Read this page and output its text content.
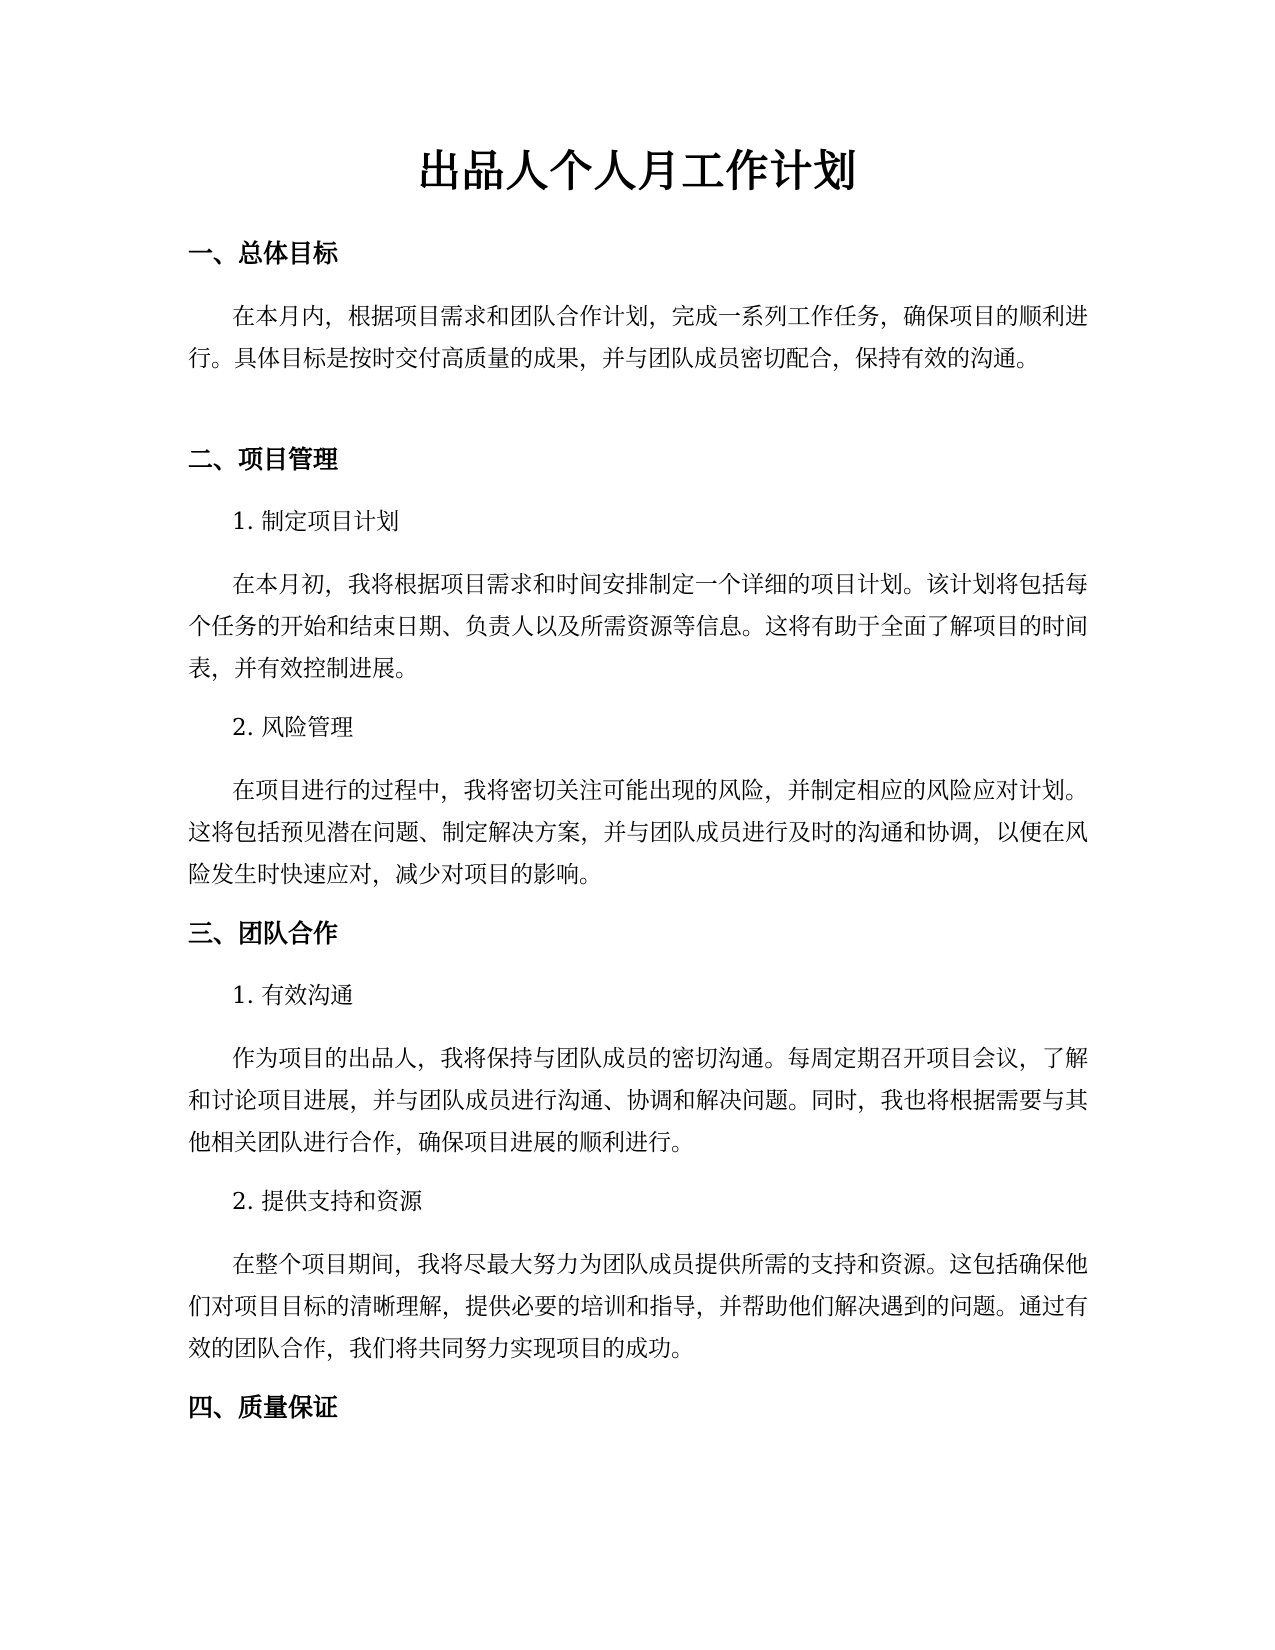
出品人个人月工作计划
一、总体目标

在本月内，根据项目需求和团队合作计划，完成一系列工作任务，确保项目的顺利进行。具体目标是按时交付高质量的成果，并与团队成员密切配合，保持有效的沟通。

二、项目管理

1. 制定项目计划

在本月初，我将根据项目需求和时间安排制定一个详细的项目计划。该计划将包括每个任务的开始和结束日期、负责人以及所需资源等信息。这将有助于全面了解项目的时间表，并有效控制进展。

2. 风险管理

在项目进行的过程中，我将密切关注可能出现的风险，并制定相应的风险应对计划。这将包括预见潜在问题、制定解决方案，并与团队成员进行及时的沟通和协调，以便在风险发生时快速应对，减少对项目的影响。

三、团队合作

1. 有效沟通

作为项目的出品人，我将保持与团队成员的密切沟通。每周定期召开项目会议，了解和讨论项目进展，并与团队成员进行沟通、协调和解决问题。同时，我也将根据需要与其他相关团队进行合作，确保项目进展的顺利进行。

2. 提供支持和资源

在整个项目期间，我将尽最大努力为团队成员提供所需的支持和资源。这包括确保他们对项目目标的清晰理解，提供必要的培训和指导，并帮助他们解决遇到的问题。通过有效的团队合作，我们将共同努力实现项目的成功。

四、质量保证
